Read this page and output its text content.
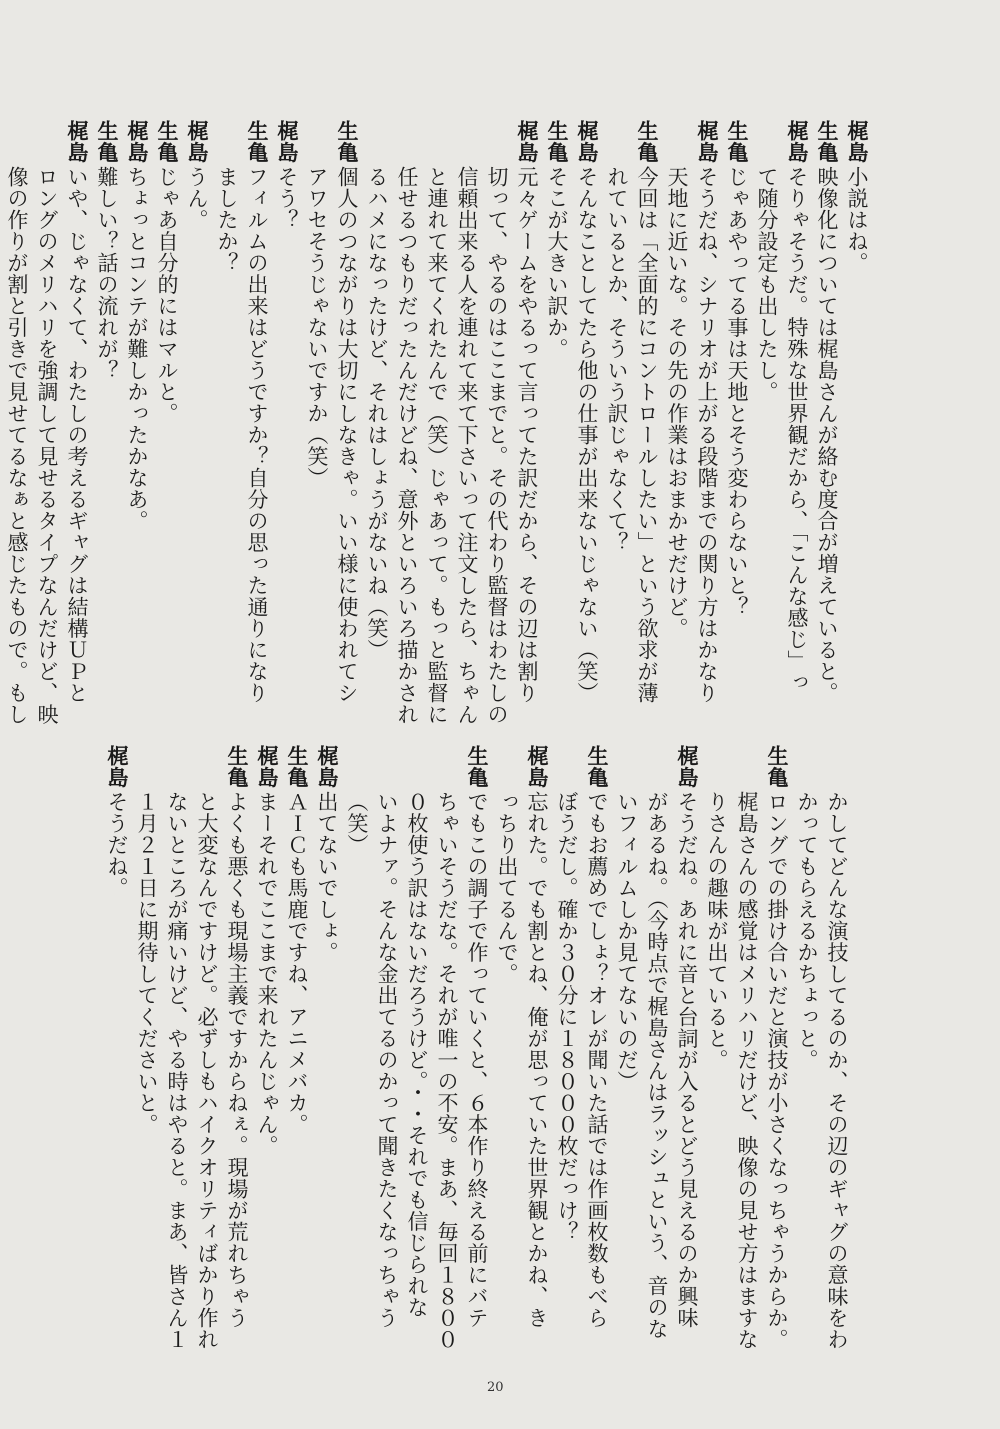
梶島
小説はね。
生亀
映像化については梶島さんが絡む度合が増えていると。
梶島
そりゃそうだ。特殊な世界観だから、「こんな感じ」っ
て随分設定も出したし。
生亀
じゃあやってる事は天地とそう変わらないと？
梶島
そうだね、シナリオが上がる段階までの関り方はかなり
天地に近いな。その先の作業はおまかせだけど。
生亀
今回は「全面的にコントロールしたい」という欲求が薄
れているとか、そういう訳じゃなくて？
梶島
そんなことしてたら他の仕事が出来ないじゃない（笑）
生亀
そこが大きい訳か。
梶島
元々ゲームをやるって言ってた訳だから、その辺は割り
切って、やるのはここまでと。その代わり監督はわたしの
信頼出来る人を連れて来て下さいって注文したら、ちゃん
と連れて来てくれたんで（笑）じゃあって。もっと監督に
任せるつもりだったんだけどね、意外といろいろ描かされ
るハメになったけど、それはしょうがないね（笑）
生亀
個人のつながりは大切にしなきゃ。いい様に使われてシ
アワセそうじゃないですか（笑）
梶島
そう？
生亀
フィルムの出来はどうですか？自分の思った通りになり
ましたか？
梶島
うん。
生亀
じゃあ自分的にはマルと。
梶島
ちょっとコンテが難しかったかなあ。
生亀
難しい？話の流れが？
梶島
いや、じゃなくて、わたしの考えるギャグは結構ＵＰと
ロングのメリハリを強調して見せるタイプなんだけど、映
像の作りが割と引きで見せてるなぁと感じたもので。もし
かしてどんな演技してるのか、その辺のギャグの意味をわ
かってもらえるかちょっと。
生亀
ロングでの掛け合いだと演技が小さくなっちゃうからか。
梶島さんの感覚はメリハリだけど、映像の見せ方はますな
りさんの趣味が出ていると。
梶島
そうだね。あれに音と台詞が入るとどう見えるのか興味
があるね。（今時点で梶島さんはラッシュという、音のな
いフィルムしか見てないのだ）
生亀
でもお薦めでしょ？オレが聞いた話では作画枚数もべら
ぼうだし。確か３０分に１８０００枚だっけ？
梶島
忘れた。でも割とね、俺が思っていた世界観とかね、き
っちり出てるんで。
生亀
でもこの調子で作っていくと、６本作り終える前にバテ
ちゃいそうだな。それが唯一の不安。まあ、毎回１８００
０枚使う訳はないだろうけど。・・それでも信じられな
いよナァ。そんな金出てるのかって聞きたくなっちゃう
（笑）
梶島
出てないでしょ。
生亀
ＡＩＣも馬鹿ですね、アニメバカ。
梶島
まーそれでここまで来れたんじゃん。
生亀
よくも悪くも現場主義ですからねぇ。現場が荒れちゃう
と大変なんですけど。必ずしもハイクオリティばかり作れ
ないところが痛いけど、やる時はやると。まあ、皆さん１
１月２１日に期待してくださいと。
梶島
そうだね。
20
